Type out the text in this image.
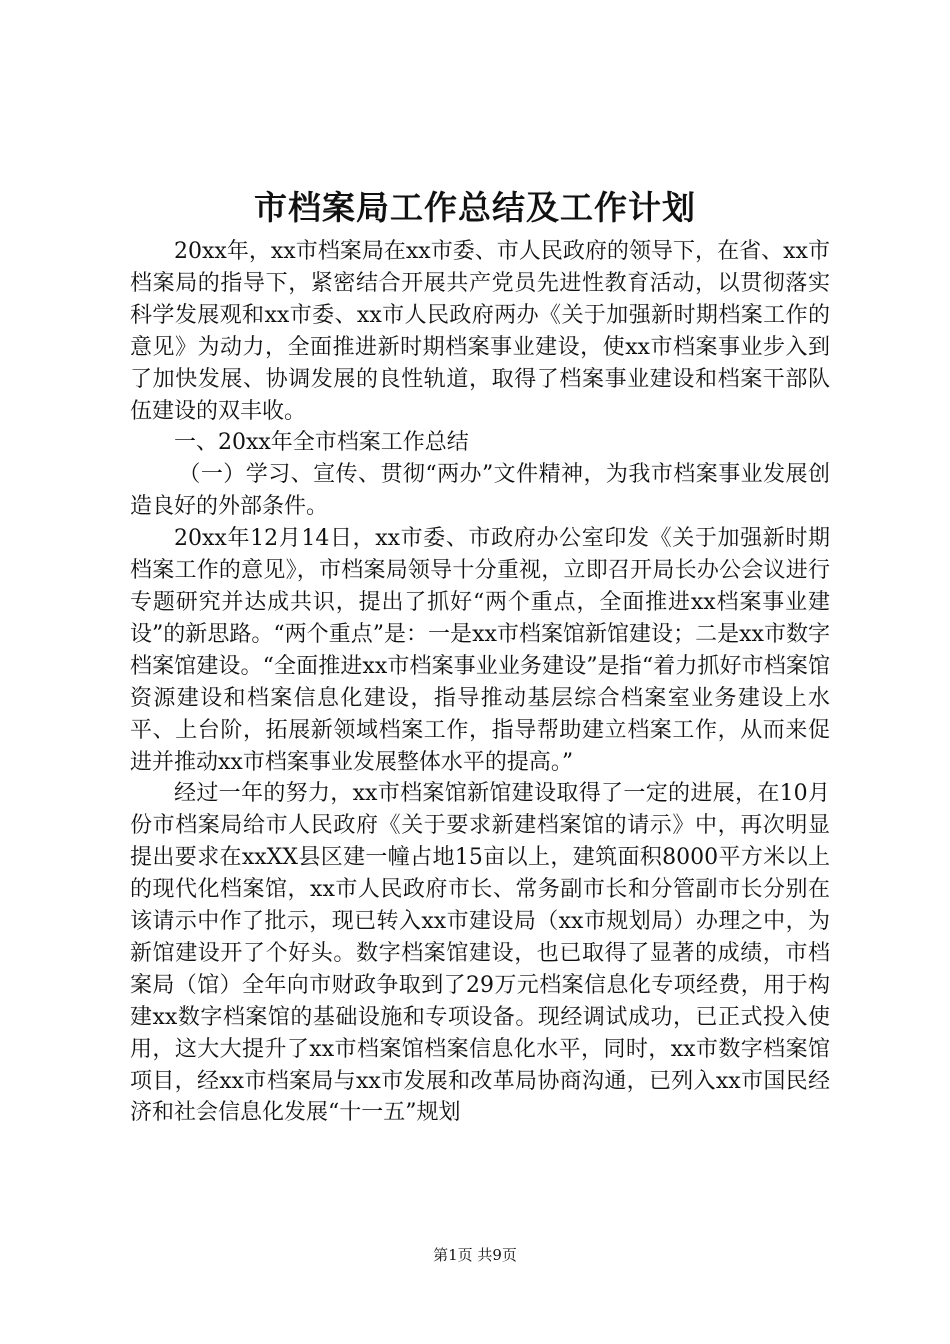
市档案局工作总结及工作计划

20xx年，xx市档案局在xx市委、市人民政府的领导下，在省、xx市档案局的指导下，紧密结合开展共产党员先进性教育活动，以贯彻落实科学发展观和xx市委、xx市人民政府两办《关于加强新时期档案工作的意见》为动力，全面推进新时期档案事业建设，使xx市档案事业步入到了加快发展、协调发展的良性轨道，取得了档案事业建设和档案干部队伍建设的双丰收。

一、20xx年全市档案工作总结

（一）学习、宣传、贯彻“两办”文件精神，为我市档案事业发展创造良好的外部条件。

20xx年12月14日，xx市委、市政府办公室印发《关于加强新时期档案工作的意见》，市档案局领导十分重视，立即召开局长办公会议进行专题研究并达成共识，提出了抓好“两个重点，全面推进xx档案事业建设”的新思路。“两个重点”是：一是xx市档案馆新馆建设；二是xx市数字档案馆建设。“全面推进xx市档案事业业务建设”是指“着力抓好市档案馆资源建设和档案信息化建设，指导推动基层综合档案室业务建设上水平、上台阶，拓展新领域档案工作，指导帮助建立档案工作，从而来促进并推动xx市档案事业发展整体水平的提高。”

经过一年的努力，xx市档案馆新馆建设取得了一定的进展，在10月份市档案局给市人民政府《关于要求新建档案馆的请示》中，再次明显提出要求在xxXX县区建一幢占地15亩以上，建筑面积8000平方米以上的现代化档案馆，xx市人民政府市长、常务副市长和分管副市长分别在该请示中作了批示，现已转入xx市建设局（xx市规划局）办理之中，为新馆建设开了个好头。数字档案馆建设，也已取得了显著的成绩，市档案局（馆）全年向市财政争取到了29万元档案信息化专项经费，用于构建xx数字档案馆的基础设施和专项设备。现经调试成功，已正式投入使用，这大大提升了xx市档案馆档案信息化水平，同时，xx市数字档案馆项目，经xx市档案局与xx市发展和改革局协商沟通，已列入xx市国民经济和社会信息化发展“十一五”规划

第1页 共9页
